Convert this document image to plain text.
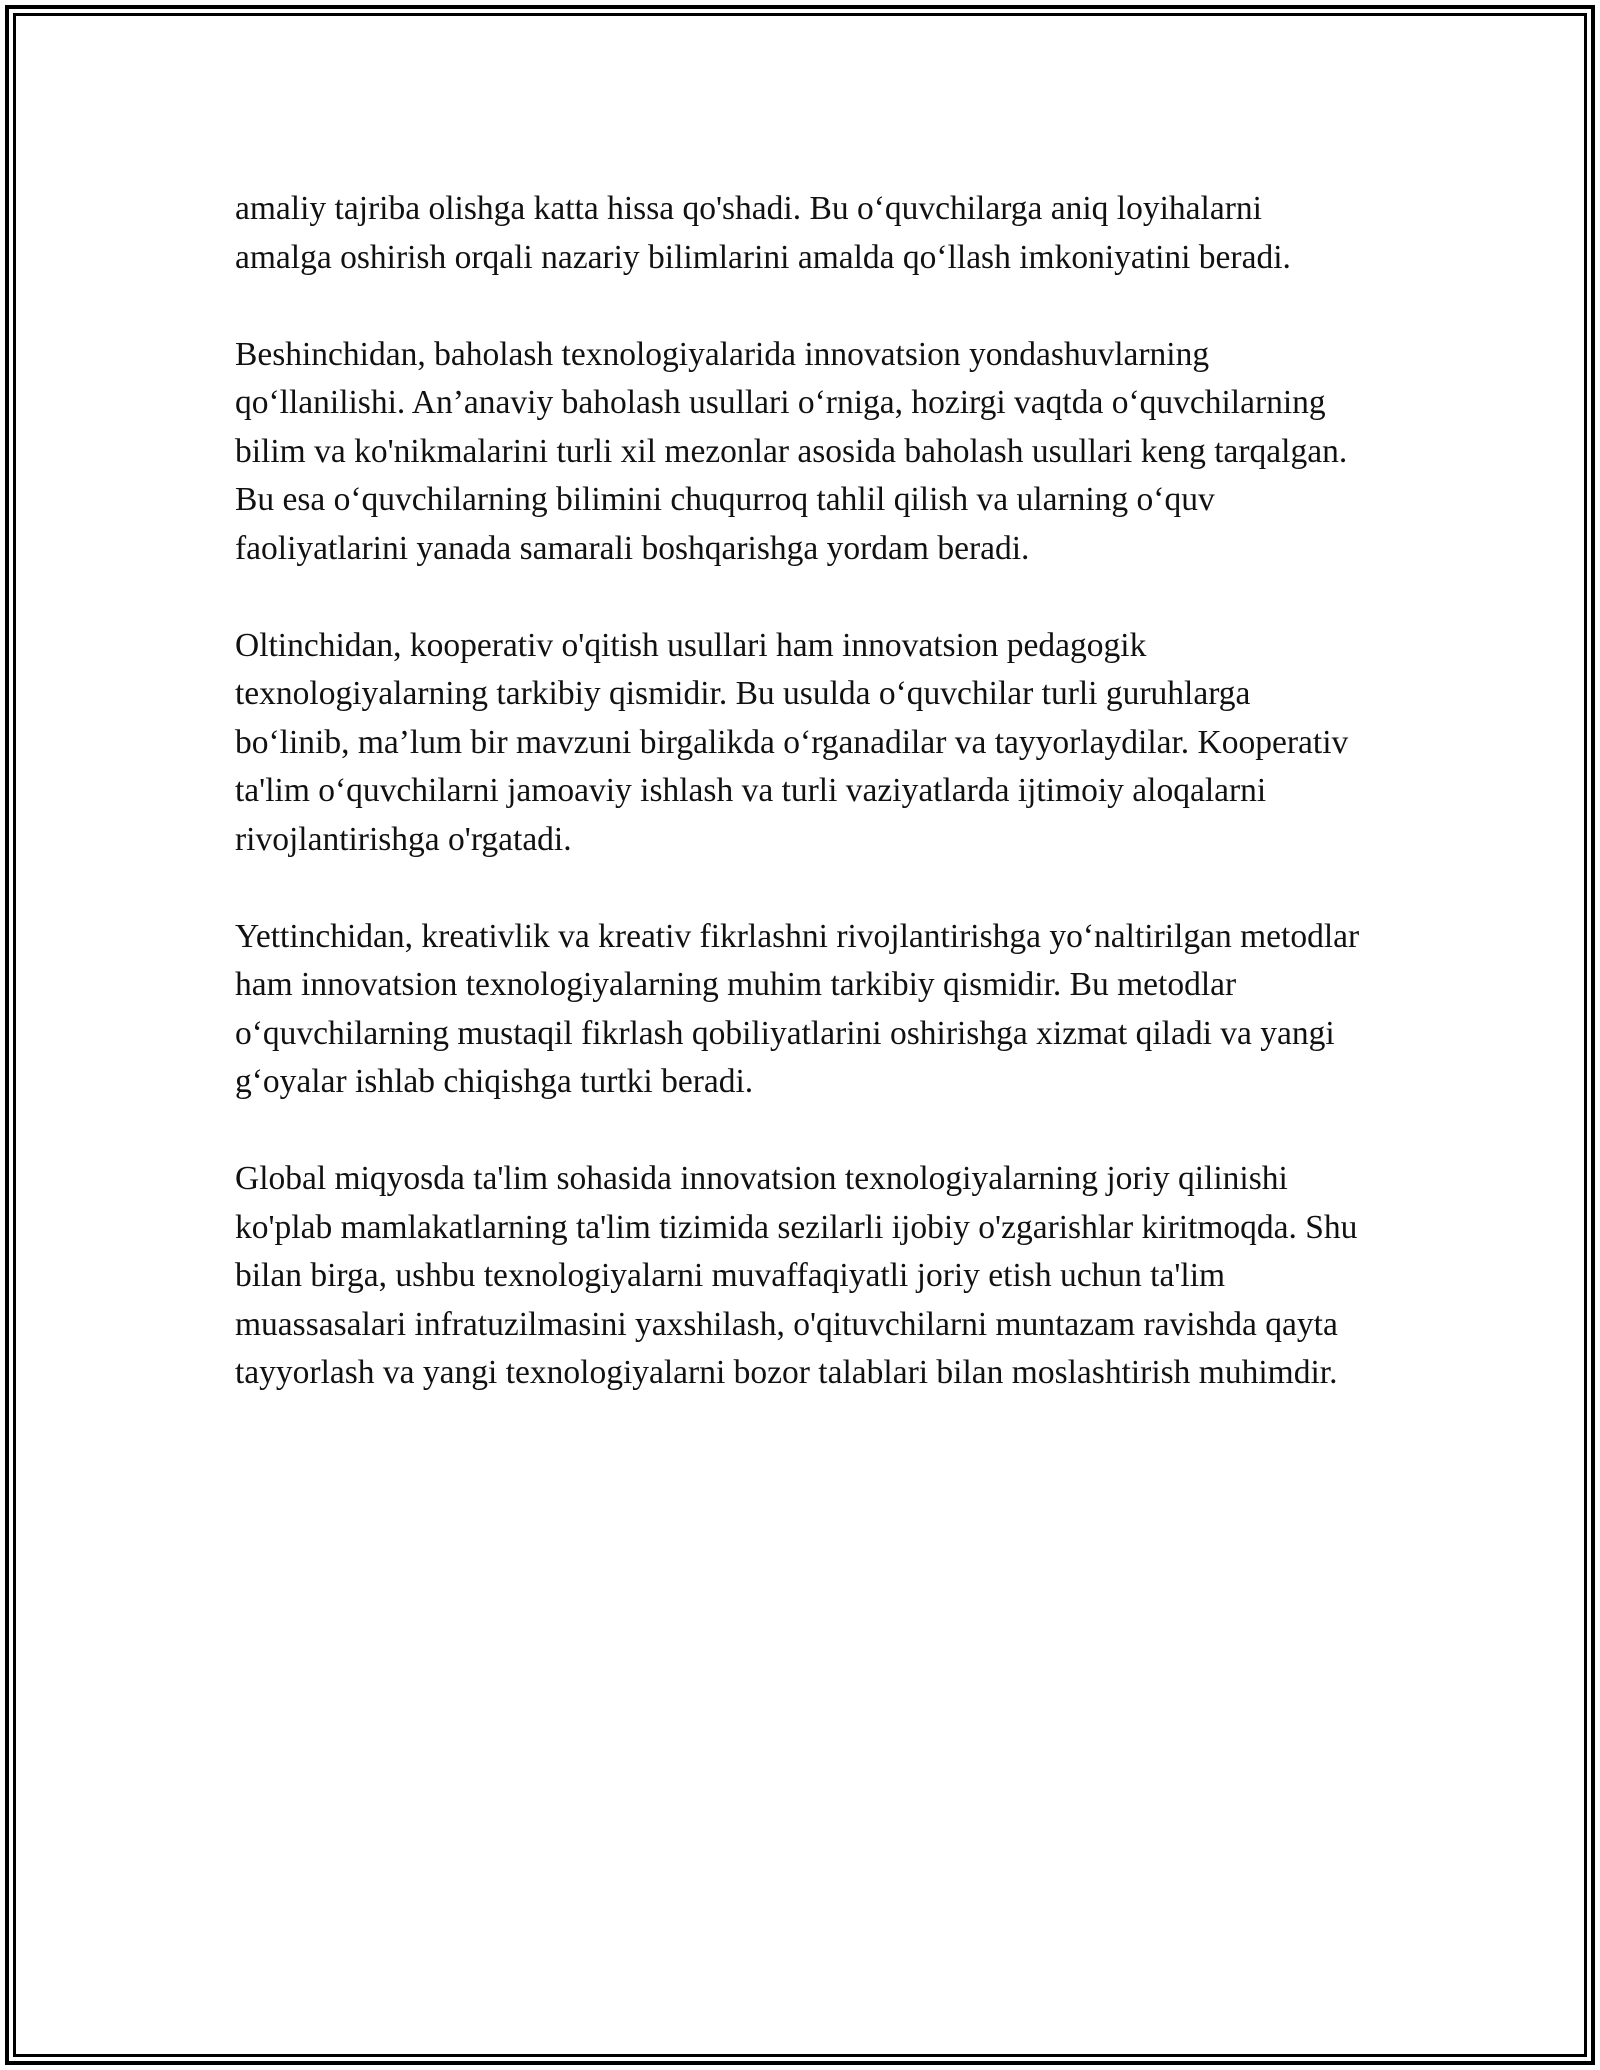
amaliy tajriba olishga katta hissa qo'shadi. Bu o‘quvchilarga aniq loyihalarni amalga oshirish orqali nazariy bilimlarini amalda qo‘llash imkoniyatini beradi.

Beshinchidan, baholash texnologiyalarida innovatsion yondashuvlarning qo‘llanilishi. An’anaviy baholash usullari o‘rniga, hozirgi vaqtda o‘quvchilarning bilim va ko'nikmalarini turli xil mezonlar asosida baholash usullari keng tarqalgan. Bu esa o‘quvchilarning bilimini chuqurroq tahlil qilish va ularning o‘quv faoliyatlarini yanada samarali boshqarishga yordam beradi.

Oltinchidan, kooperativ o'qitish usullari ham innovatsion pedagogik texnologiyalarning tarkibiy qismidir. Bu usulda o‘quvchilar turli guruhlarga bo‘linib, ma’lum bir mavzuni birgalikda o‘rganadilar va tayyorlaydilar. Kooperativ ta'lim o‘quvchilarni jamoaviy ishlash va turli vaziyatlarda ijtimoiy aloqalarni rivojlantirishga o'rgatadi.

Yettinchidan, kreativlik va kreativ fikrlashni rivojlantirishga yo‘naltirilgan metodlar ham innovatsion texnologiyalarning muhim tarkibiy qismidir. Bu metodlar o‘quvchilarning mustaqil fikrlash qobiliyatlarini oshirishga xizmat qiladi va yangi g‘oyalar ishlab chiqishga turtki beradi.

Global miqyosda ta'lim sohasida innovatsion texnologiyalarning joriy qilinishi ko'plab mamlakatlarning ta'lim tizimida sezilarli ijobiy o'zgarishlar kiritmoqda. Shu bilan birga, ushbu texnologiyalarni muvaffaqiyatli joriy etish uchun ta'lim muassasalari infratuzilmasini yaxshilash, o'qituvchilarni muntazam ravishda qayta tayyorlash va yangi texnologiyalarni bozor talablari bilan moslashtirish muhimdir.
